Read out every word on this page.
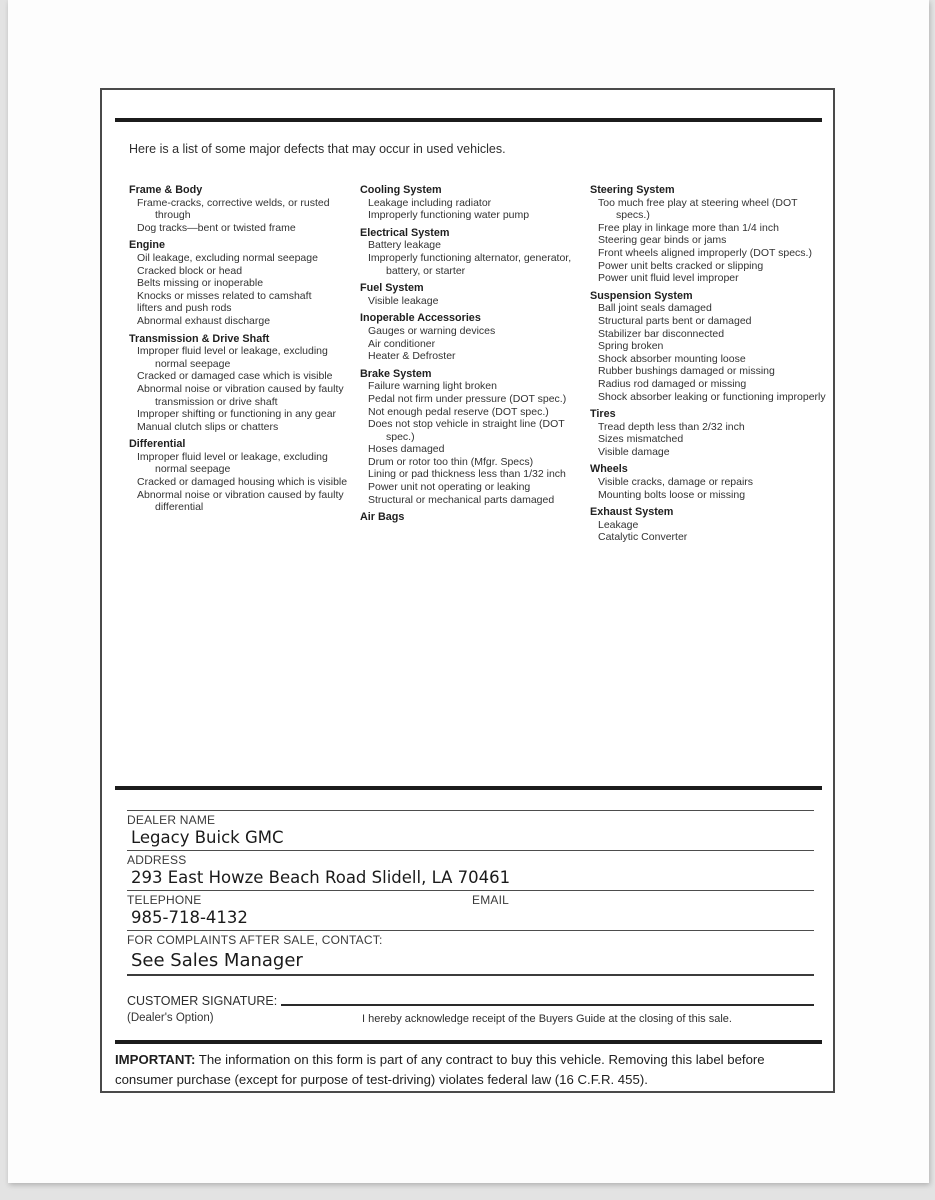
Here is a list of some major defects that may occur in used vehicles.
Frame & Body
Frame-cracks, corrective welds, or rusted through
Dog tracks—bent or twisted frame
Engine
Oil leakage, excluding normal seepage
Cracked block or head
Belts missing or inoperable
Knocks or misses related to camshaft
lifters and push rods
Abnormal exhaust discharge
Transmission & Drive Shaft
Improper fluid level or leakage, excluding normal seepage
Cracked or damaged case which is visible
Abnormal noise or vibration caused by faulty transmission or drive shaft
Improper shifting or functioning in any gear
Manual clutch slips or chatters
Differential
Improper fluid level or leakage, excluding normal seepage
Cracked or damaged housing which is visible
Abnormal noise or vibration caused by faulty differential
Cooling System
Leakage including radiator
Improperly functioning water pump
Electrical System
Battery leakage
Improperly functioning alternator, generator, battery, or starter
Fuel System
Visible leakage
Inoperable Accessories
Gauges or warning devices
Air conditioner
Heater & Defroster
Brake System
Failure warning light broken
Pedal not firm under pressure (DOT spec.)
Not enough pedal reserve (DOT spec.)
Does not stop vehicle in straight line (DOT spec.)
Hoses damaged
Drum or rotor too thin (Mfgr. Specs)
Lining or pad thickness less than 1/32 inch
Power unit not operating or leaking
Structural or mechanical parts damaged
Air Bags
Steering System
Too much free play at steering wheel (DOT specs.)
Free play in linkage more than 1/4 inch
Steering gear binds or jams
Front wheels aligned improperly (DOT specs.)
Power unit belts cracked or slipping
Power unit fluid level improper
Suspension System
Ball joint seals damaged
Structural parts bent or damaged
Stabilizer bar disconnected
Spring broken
Shock absorber mounting loose
Rubber bushings damaged or missing
Radius rod damaged or missing
Shock absorber leaking or functioning improperly
Tires
Tread depth less than 2/32 inch
Sizes mismatched
Visible damage
Wheels
Visible cracks, damage or repairs
Mounting bolts loose or missing
Exhaust System
Leakage
Catalytic Converter
DEALER NAME
Legacy Buick GMC
ADDRESS
293 East Howze Beach Road Slidell, LA 70461
TELEPHONE	EMAIL
985-718-4132
FOR COMPLAINTS AFTER SALE, CONTACT:
See Sales Manager
CUSTOMER SIGNATURE:
(Dealer's Option)	I hereby acknowledge receipt of the Buyers Guide at the closing of this sale.
IMPORTANT: The information on this form is part of any contract to buy this vehicle. Removing this label before consumer purchase (except for purpose of test-driving) violates federal law (16 C.F.R. 455).
